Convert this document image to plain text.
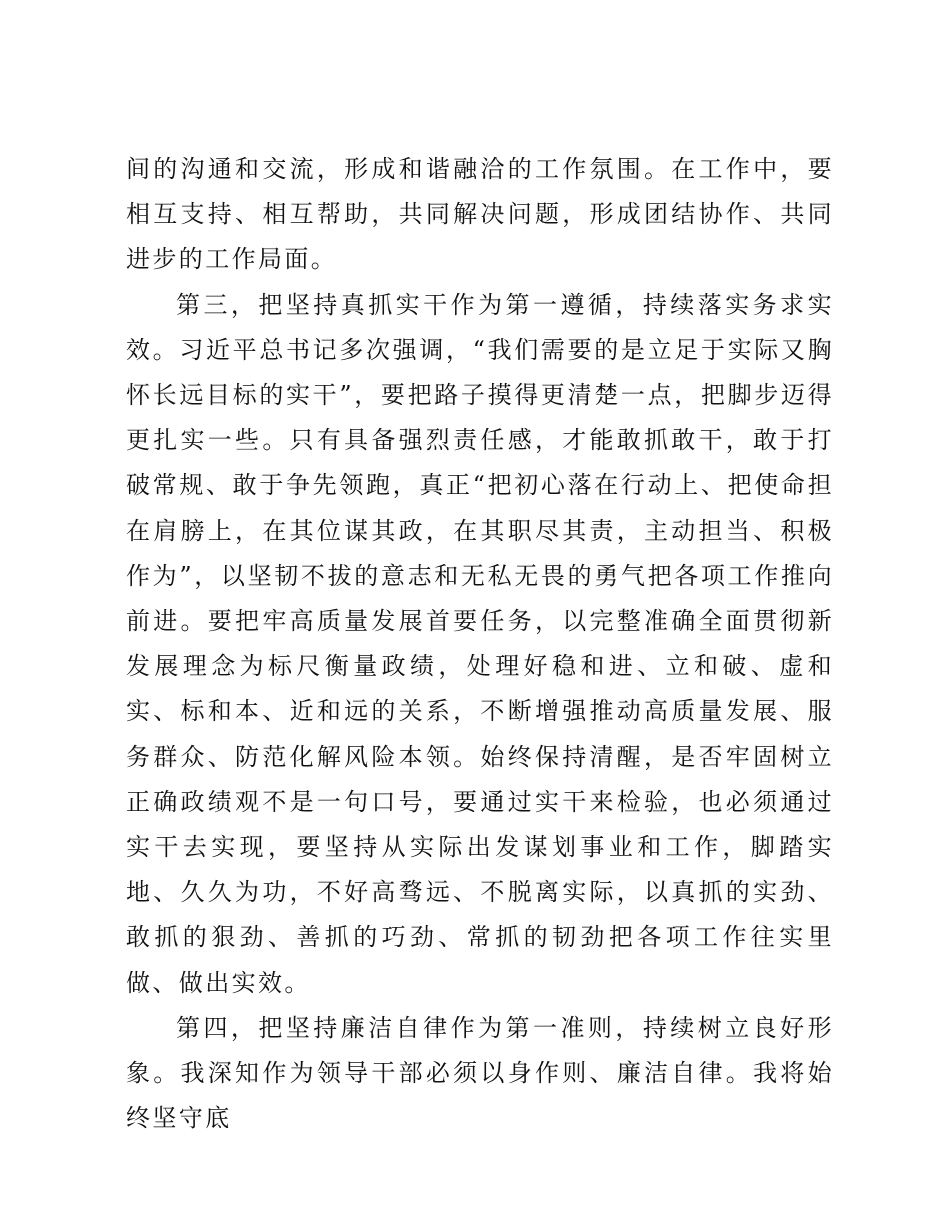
间的沟通和交流，形成和谐融洽的工作氛围。在工作中，要相互支持、相互帮助，共同解决问题，形成团结协作、共同进步的工作局面。

第三，把坚持真抓实干作为第一遵循，持续落实务求实效。习近平总书记多次强调，“我们需要的是立足于实际又胸怀长远目标的实干”，要把路子摸得更清楚一点，把脚步迈得更扎实一些。只有具备强烈责任感，才能敢抓敢干，敢于打破常规、敢于争先领跑，真正“把初心落在行动上、把使命担在肩膀上，在其位谋其政，在其职尽其责，主动担当、积极作为”，以坚韧不拔的意志和无私无畏的勇气把各项工作推向前进。要把牢高质量发展首要任务，以完整准确全面贯彻新发展理念为标尺衡量政绩，处理好稳和进、立和破、虚和实、标和本、近和远的关系，不断增强推动高质量发展、服务群众、防范化解风险本领。始终保持清醒，是否牢固树立正确政绩观不是一句口号，要通过实干来检验，也必须通过实干去实现，要坚持从实际出发谋划事业和工作，脚踏实地、久久为功，不好高骛远、不脱离实际，以真抓的实劲、敢抓的狠劲、善抓的巧劲、常抓的韧劲把各项工作往实里做、做出实效。

第四，把坚持廉洁自律作为第一准则，持续树立良好形象。我深知作为领导干部必须以身作则、廉洁自律。我将始终坚守底
